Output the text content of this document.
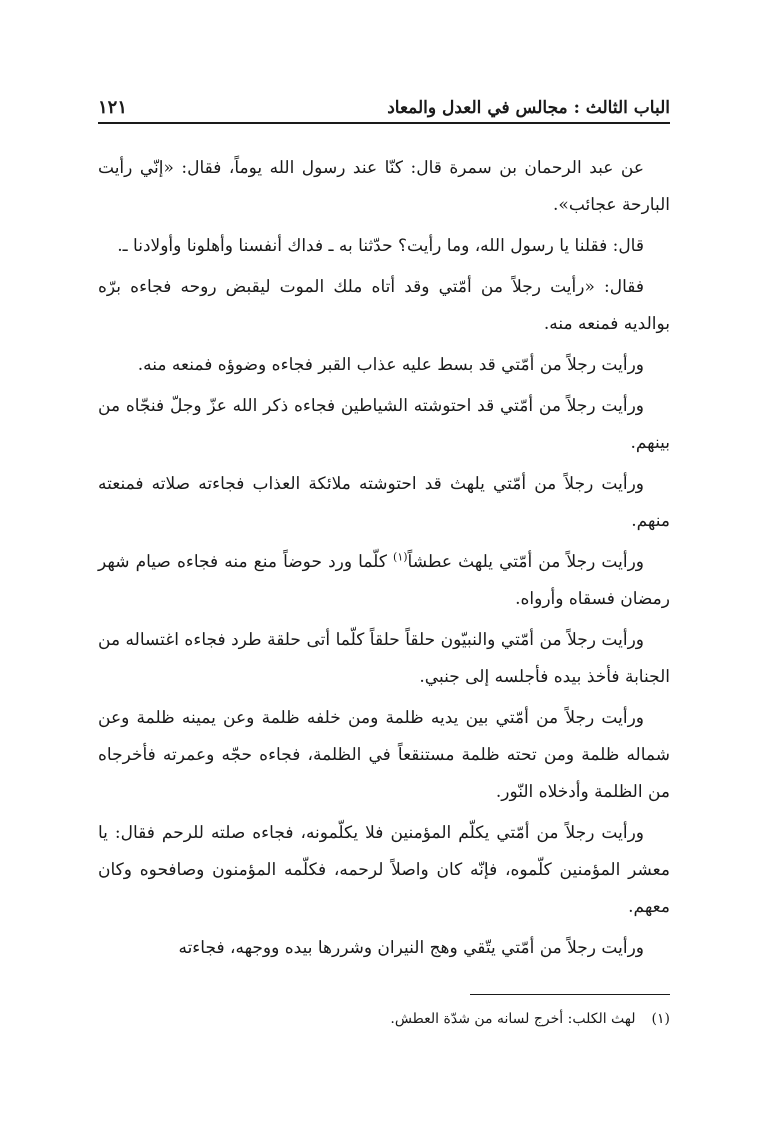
الباب الثالث : مجالس في العدل والمعاد
١٢١

عن عبد الرحمان بن سمرة قال: كنّا عند رسول الله يوماً، فقال: «إنّي رأيت البارحة عجائب».

قال: فقلنا يا رسول الله، وما رأيت؟ حدّثنا به ـ فداك أنفسنا وأهلونا وأولادنا ـ.

فقال: «رأيت رجلاً من أمّتي وقد أتاه ملك الموت ليقبض روحه فجاءه برّه بوالديه فمنعه منه.

ورأيت رجلاً من أمّتي قد بسط عليه عذاب القبر فجاءه وضوؤه فمنعه منه.

ورأيت رجلاً من أمّتي قد احتوشته الشياطين فجاءه ذكر الله عزّ وجلّ فنجّاه من بينهم.

ورأيت رجلاً من أمّتي يلهث قد احتوشته ملائكة العذاب فجاءته صلاته فمنعته منهم.

ورأيت رجلاً من أمّتي يلهث عطشاً$^{(١)}$ كلّما ورد حوضاً منع منه فجاءه صيام شهر رمضان فسقاه وأرواه.

ورأيت رجلاً من أمّتي والنبيّون حلقاً حلقاً كلّما أتى حلقة طرد فجاءه اغتساله من الجنابة فأخذ بيده فأجلسه إلى جنبي.

ورأيت رجلاً من أمّتي بين يديه ظلمة ومن خلفه ظلمة وعن يمينه ظلمة وعن شماله ظلمة ومن تحته ظلمة مستنقعاً في الظلمة، فجاءه حجّه وعمرته فأخرجاه من الظلمة وأدخلاه النّور.

ورأيت رجلاً من أمّتي يكلّم المؤمنين فلا يكلّمونه، فجاءه صلته للرحم فقال: يا معشر المؤمنين كلّموه، فإنّه كان واصلاً لرحمه، فكلّمه المؤمنون وصافحوه وكان معهم.

ورأيت رجلاً من أمّتي يتّقي وهج النيران وشررها بيده ووجهه، فجاءته

(١)لهث الكلب: أخرج لسانه من شدّة العطش.
